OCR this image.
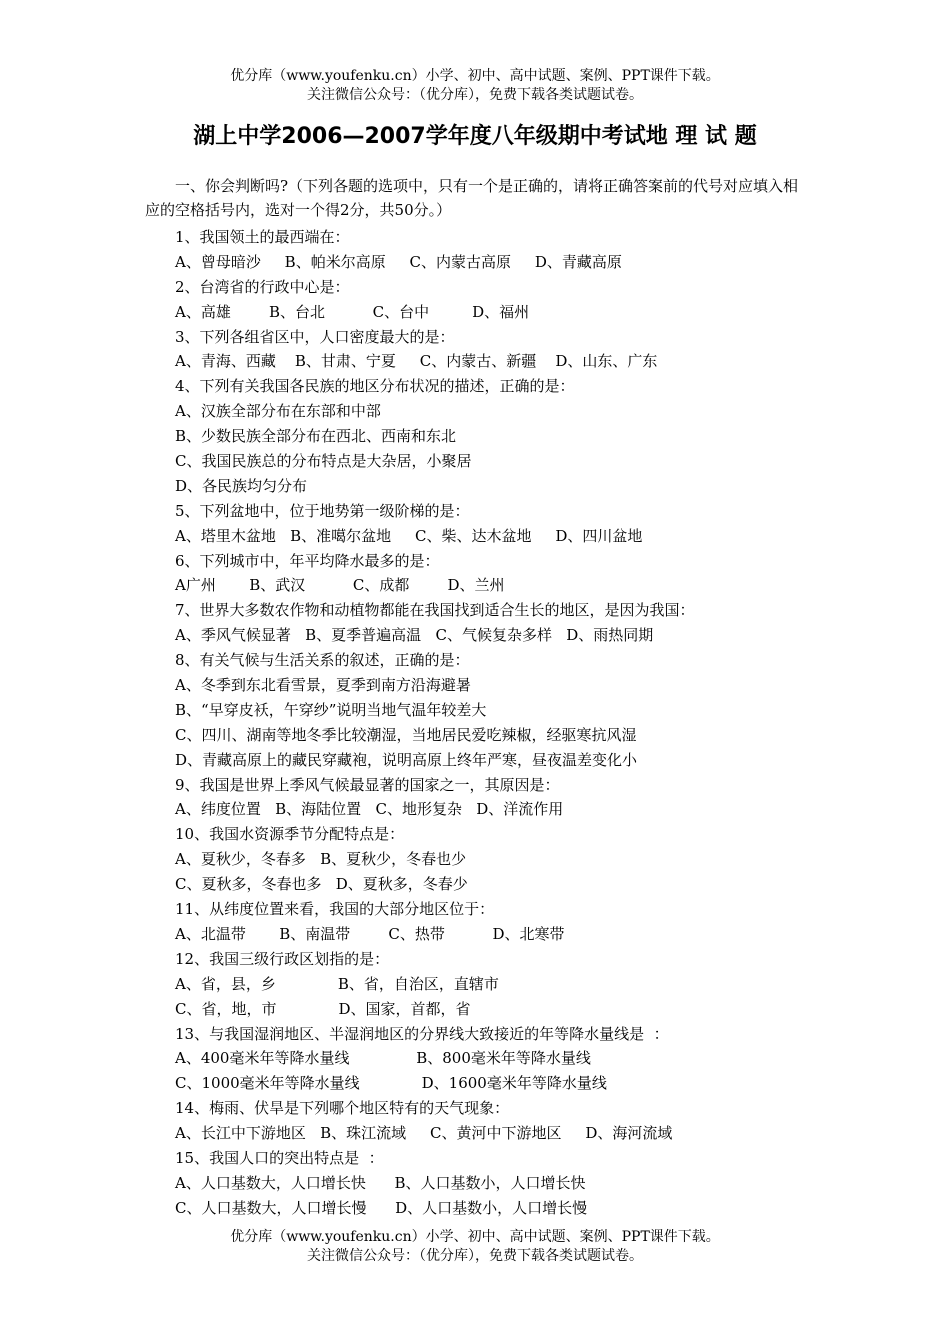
优分库（www.youfenku.cn）小学、初中、高中试题、案例、PPT课件下载。
关注微信公众号：（优分库），免费下载各类试题试卷。
湖上中学2006—2007学年度八年级期中考试地 理 试 题
一、你会判断吗?（下列各题的选项中，只有一个是正确的，请将正确答案前的代号对应填入相应的空格括号内，选对一个得2分，共50分。）
1、我国领土的最西端在：
A、曾母暗沙     B、帕米尔高原     C、内蒙古高原     D、青藏高原
2、台湾省的行政中心是：
A、高雄        B、台北          C、台中         D、福州
3、下列各组省区中，人口密度最大的是：
A、青海、西藏    B、甘肃、宁夏     C、内蒙古、新疆    D、山东、广东
4、下列有关我国各民族的地区分布状况的描述，正确的是：
A、汉族全部分布在东部和中部
B、少数民族全部分布在西北、西南和东北
C、我国民族总的分布特点是大杂居，小聚居
D、各民族均匀分布
5、下列盆地中，位于地势第一级阶梯的是：
A、塔里木盆地   B、准噶尔盆地     C、柴、达木盆地     D、四川盆地
6、下列城市中，年平均降水最多的是：
A广州       B、武汉          C、成都        D、兰州
7、世界大多数农作物和动植物都能在我国找到适合生长的地区，是因为我国：
A、季风气候显著   B、夏季普遍高温   C、气候复杂多样   D、雨热同期
8、有关气候与生活关系的叙述，正确的是：
A、冬季到东北看雪景，夏季到南方沿海避暑
B、“早穿皮袄，午穿纱”说明当地气温年较差大
C、四川、湖南等地冬季比较潮湿，当地居民爱吃辣椒，经驱寒抗风湿
D、青藏高原上的藏民穿藏袍，说明高原上终年严寒，昼夜温差变化小
9、我国是世界上季风气候最显著的国家之一，其原因是：
A、纬度位置   B、海陆位置   C、地形复杂   D、洋流作用
10、我国水资源季节分配特点是：
A、夏秋少，冬春多   B、夏秋少，冬春也少
C、夏秋多，冬春也多   D、夏秋多，冬春少
11、从纬度位置来看，我国的大部分地区位于：
A、北温带       B、南温带        C、热带          D、北寒带
12、我国三级行政区划指的是：
A、省，县，乡             B、省，自治区，直辖市
C、省，地，市             D、国家，首都，省
13、与我国湿润地区、半湿润地区的分界线大致接近的年等降水量线是  ：
A、400毫米年等降水量线              B、800毫米年等降水量线
C、1000毫米年等降水量线             D、1600毫米年等降水量线
14、梅雨、伏旱是下列哪个地区特有的天气现象：
A、长江中下游地区   B、珠江流域     C、黄河中下游地区     D、海河流域
15、我国人口的突出特点是  ：
A、人口基数大，人口增长快      B、人口基数小，人口增长快
C、人口基数大，人口增长慢      D、人口基数小，人口增长慢
优分库（www.youfenku.cn）小学、初中、高中试题、案例、PPT课件下载。
关注微信公众号：（优分库），免费下载各类试题试卷。
